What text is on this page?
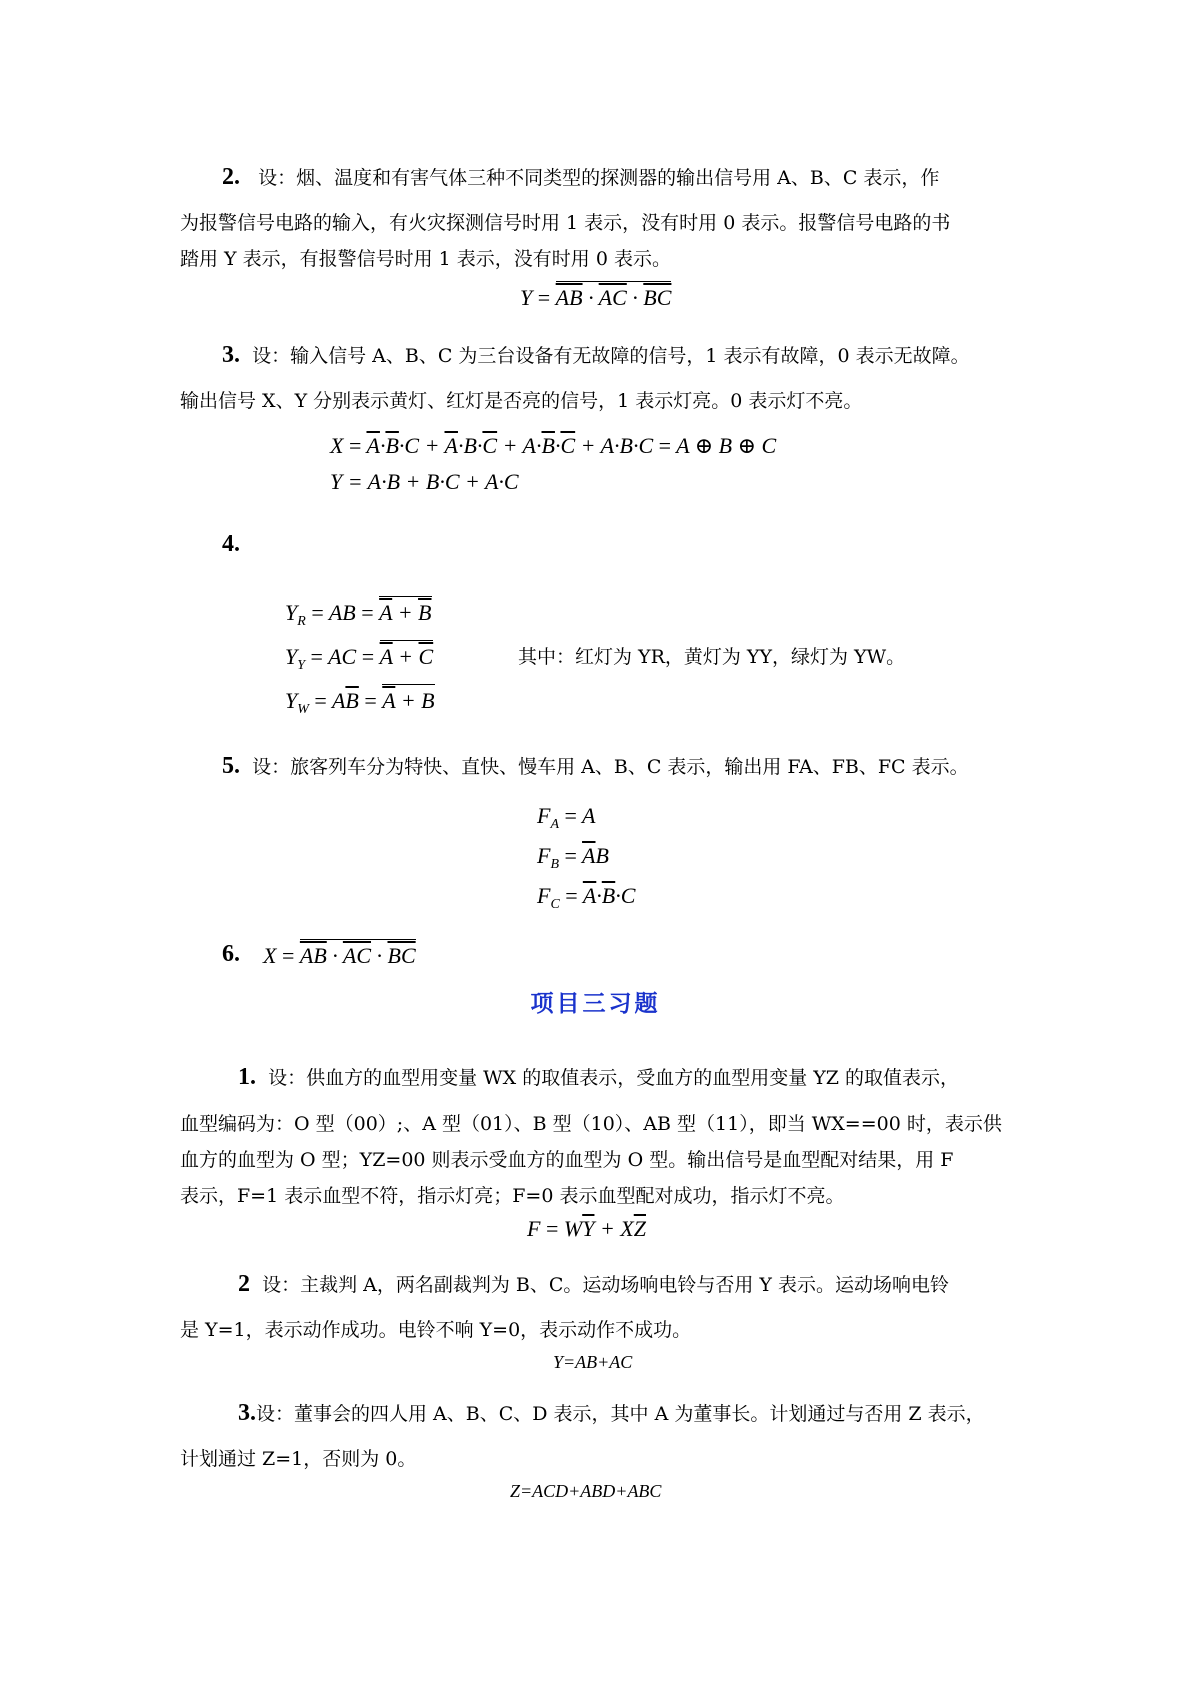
2. 设：烟、温度和有害气体三种不同类型的探测器的输出信号用 A、B、C 表示，作
为报警信号电路的输入，有火灾探测信号时用 1 表示，没有时用 0 表示。报警信号电路的书
踏用 Y 表示，有报警信号时用 1 表示，没有时用 0 表示。
$Y = \overline{AB} \cdot \overline{AC} \cdot \overline{BC}$
3. 设：输入信号 A、B、C 为三台设备有无故障的信号，1 表示有故障，0 表示无故障。
输出信号 X、Y 分别表示黄灯、红灯是否亮的信号，1 表示灯亮。0 表示灯不亮。
$X = \overline{A}\cdot\overline{B}\cdot C + \overline{A}\cdot B\cdot\overline{C} + A\cdot\overline{B}\cdot\overline{C} + A\cdot B\cdot C = A$ ⊕ B ⊕ C
Y = A·B + B·C + A·C
4.
$Y_R$ = AB = $\overline{A} + \overline{B}$
$Y_Y$ = AC = $\overline{A} + \overline{C}$
$Y_W = A\overline{B} = \overline{A} + B$
其中：红灯为 YR，黄灯为 YY，绿灯为 YW。
5. 设：旅客列车分为特快、直快、慢车用 A、B、C 表示，输出用 FA、FB、FC 表示。
$F_A = A$
$F_B = \overline{A}B$
$F_C = \overline{A}\cdot\overline{B}\cdot C$
6. $X = \overline{AB} \cdot \overline{AC} \cdot \overline{BC}$
项目三习题
1. 设：供血方的血型用变量 WX 的取值表示，受血方的血型用变量 YZ 的取值表示，
血型编码为：O 型（00）;、A 型（01）、B 型（10）、AB 型（11），即当 WX==00 时，表示供
血方的血型为 O 型；YZ=00 则表示受血方的血型为 O 型。输出信号是血型配对结果，用 F
表示，F=1 表示血型不符，指示灯亮；F=0 表示血型配对成功，指示灯不亮。
$F = W\overline{Y} + X\overline{Z}$
2 设：主裁判 A，两名副裁判为 B、C。运动场响电铃与否用 Y 表示。运动场响电铃
是 Y=1，表示动作成功。电铃不响 Y=0，表示动作不成功。
Y=AB+AC
3.设：董事会的四人用 A、B、C、D 表示，其中 A 为董事长。计划通过与否用 Z 表示，
计划通过 Z=1，否则为 0。
Z=ACD+ABD+ABC
